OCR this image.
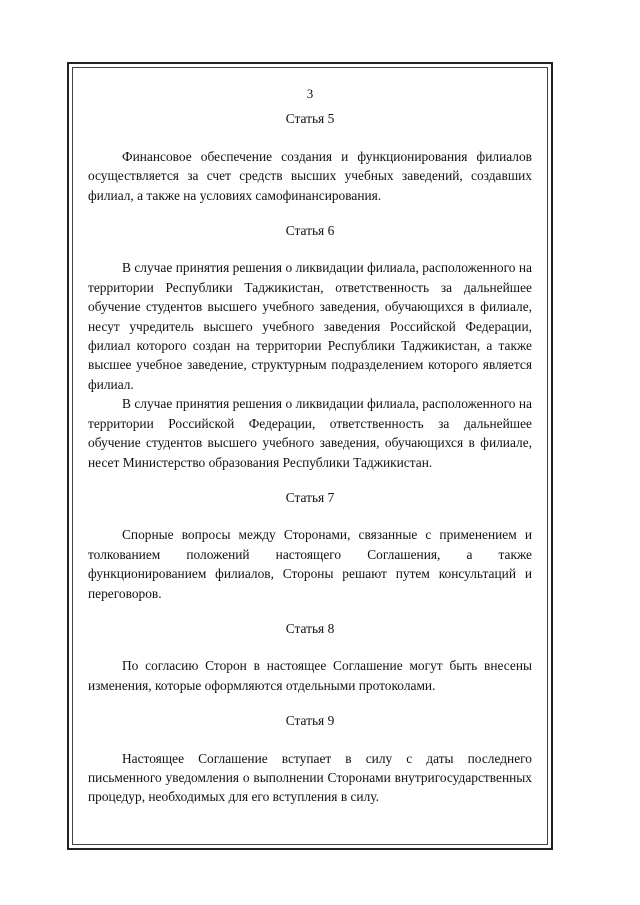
3

Статья 5

Финансовое обеспечение создания и функционирования филиалов осуществляется за счет средств высших учебных заведений, создавших филиал, а также на условиях самофинансирования.

Статья 6

В случае принятия решения о ликвидации филиала, расположенного на территории Республики Таджикистан, ответственность за дальнейшее обучение студентов высшего учебного заведения, обучающихся в филиале, несут учредитель высшего учебного заведения Российской Федерации, филиал которого создан на территории Республики Таджикистан, а также высшее учебное заведение, структурным подразделением которого является филиал.

В случае принятия решения о ликвидации филиала, расположенного на территории Российской Федерации, ответственность за дальнейшее обучение студентов высшего учебного заведения, обучающихся в филиале, несет Министерство образования Республики Таджикистан.

Статья 7

Спорные вопросы между Сторонами, связанные с применением и толкованием положений настоящего Соглашения, а также функционированием филиалов, Стороны решают путем консультаций и переговоров.

Статья 8

По согласию Сторон в настоящее Соглашение могут быть внесены изменения, которые оформляются отдельными протоколами.

Статья 9

Настоящее Соглашение вступает в силу с даты последнего письменного уведомления о выполнении Сторонами внутригосударственных процедур, необходимых для его вступления в силу.
